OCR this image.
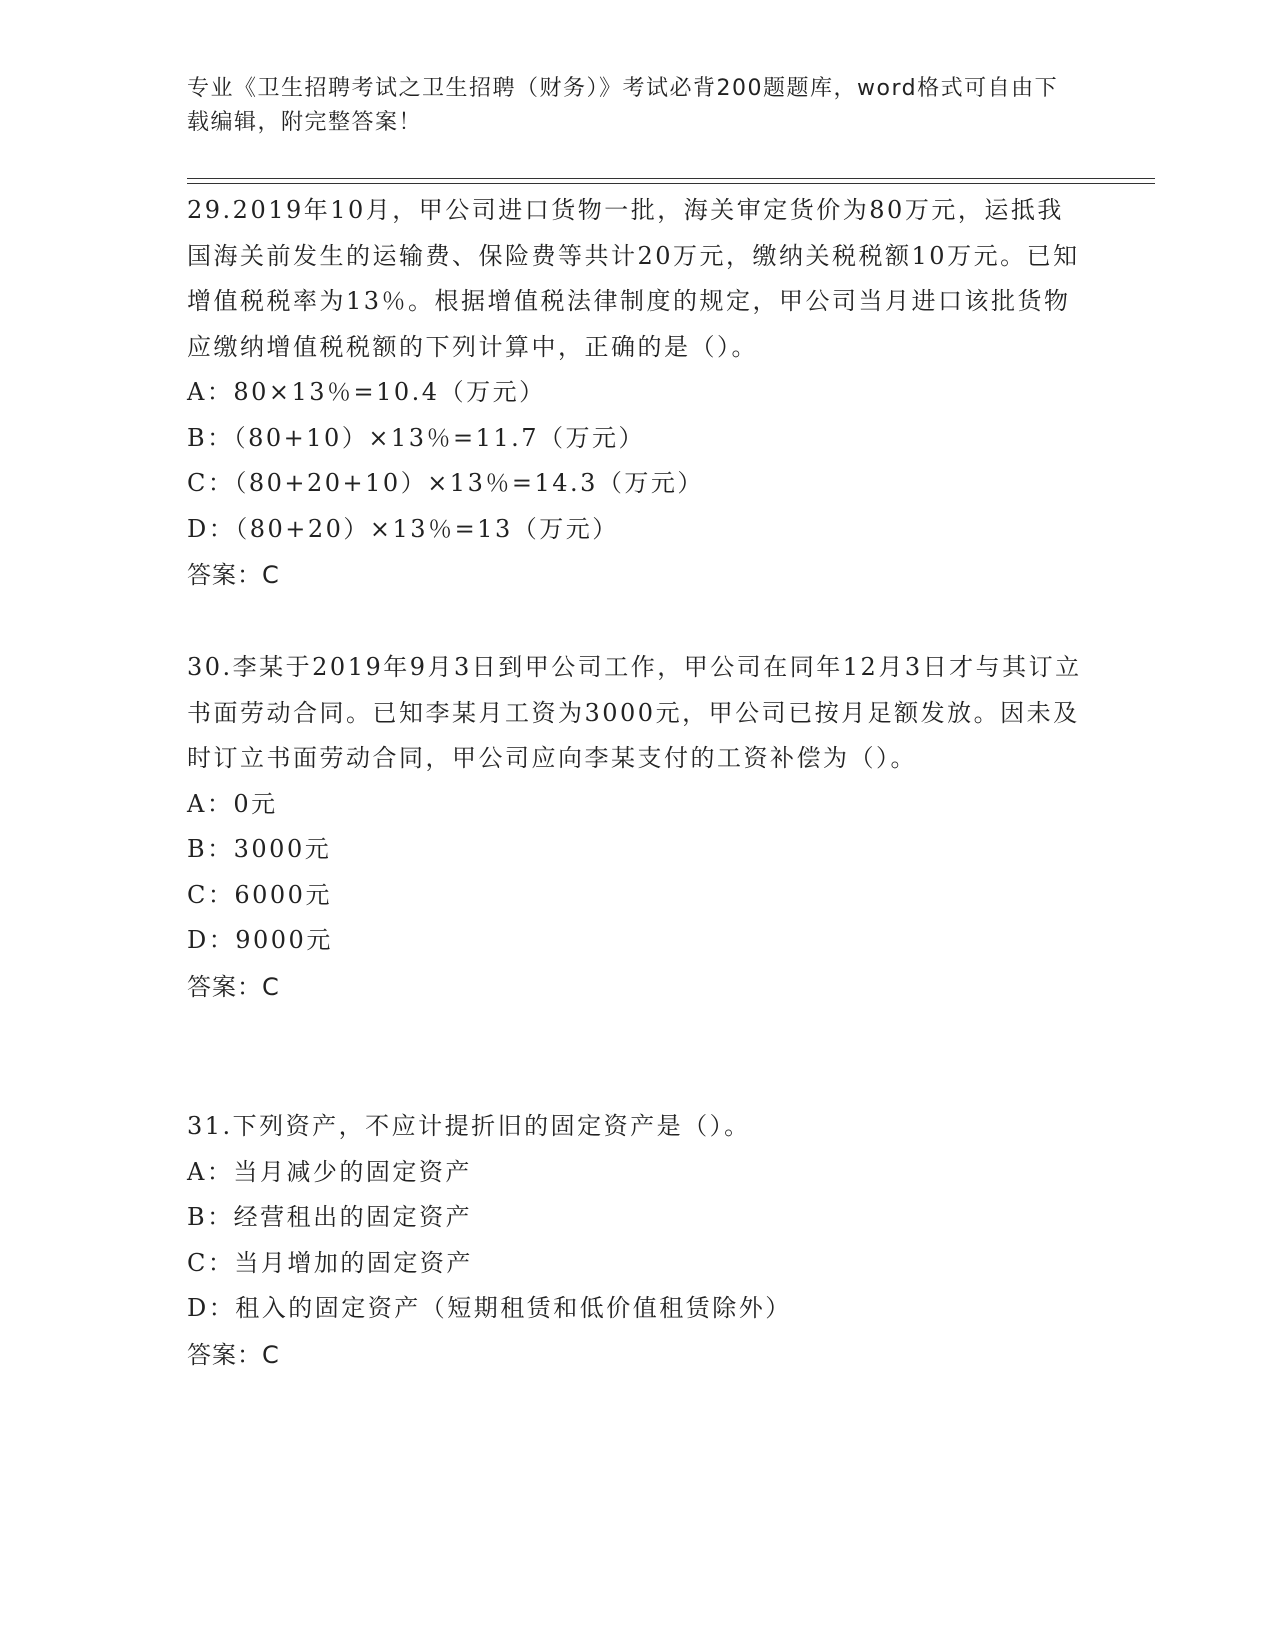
专业《卫生招聘考试之卫生招聘（财务）》考试必背200题题库，word格式可自由下载编辑，附完整答案！

29.2019年10月，甲公司进口货物一批，海关审定货价为80万元，运抵我国海关前发生的运输费、保险费等共计20万元，缴纳关税税额10万元。已知增值税税率为13％。根据增值税法律制度的规定，甲公司当月进口该批货物应缴纳增值税税额的下列计算中，正确的是（）。

A：80×13％=10.4（万元）

B：（80+10）×13％=11.7（万元）

C：（80+20+10）×13％=14.3（万元）

D：（80+20）×13％=13（万元）

答案：C

30.李某于2019年9月3日到甲公司工作，甲公司在同年12月3日才与其订立书面劳动合同。已知李某月工资为3000元，甲公司已按月足额发放。因未及时订立书面劳动合同，甲公司应向李某支付的工资补偿为（）。

A：0元

B：3000元

C：6000元

D：9000元

答案：C

31.下列资产，不应计提折旧的固定资产是（）。

A：当月减少的固定资产

B：经营租出的固定资产

C：当月增加的固定资产

D：租入的固定资产（短期租赁和低价值租赁除外）

答案：C
